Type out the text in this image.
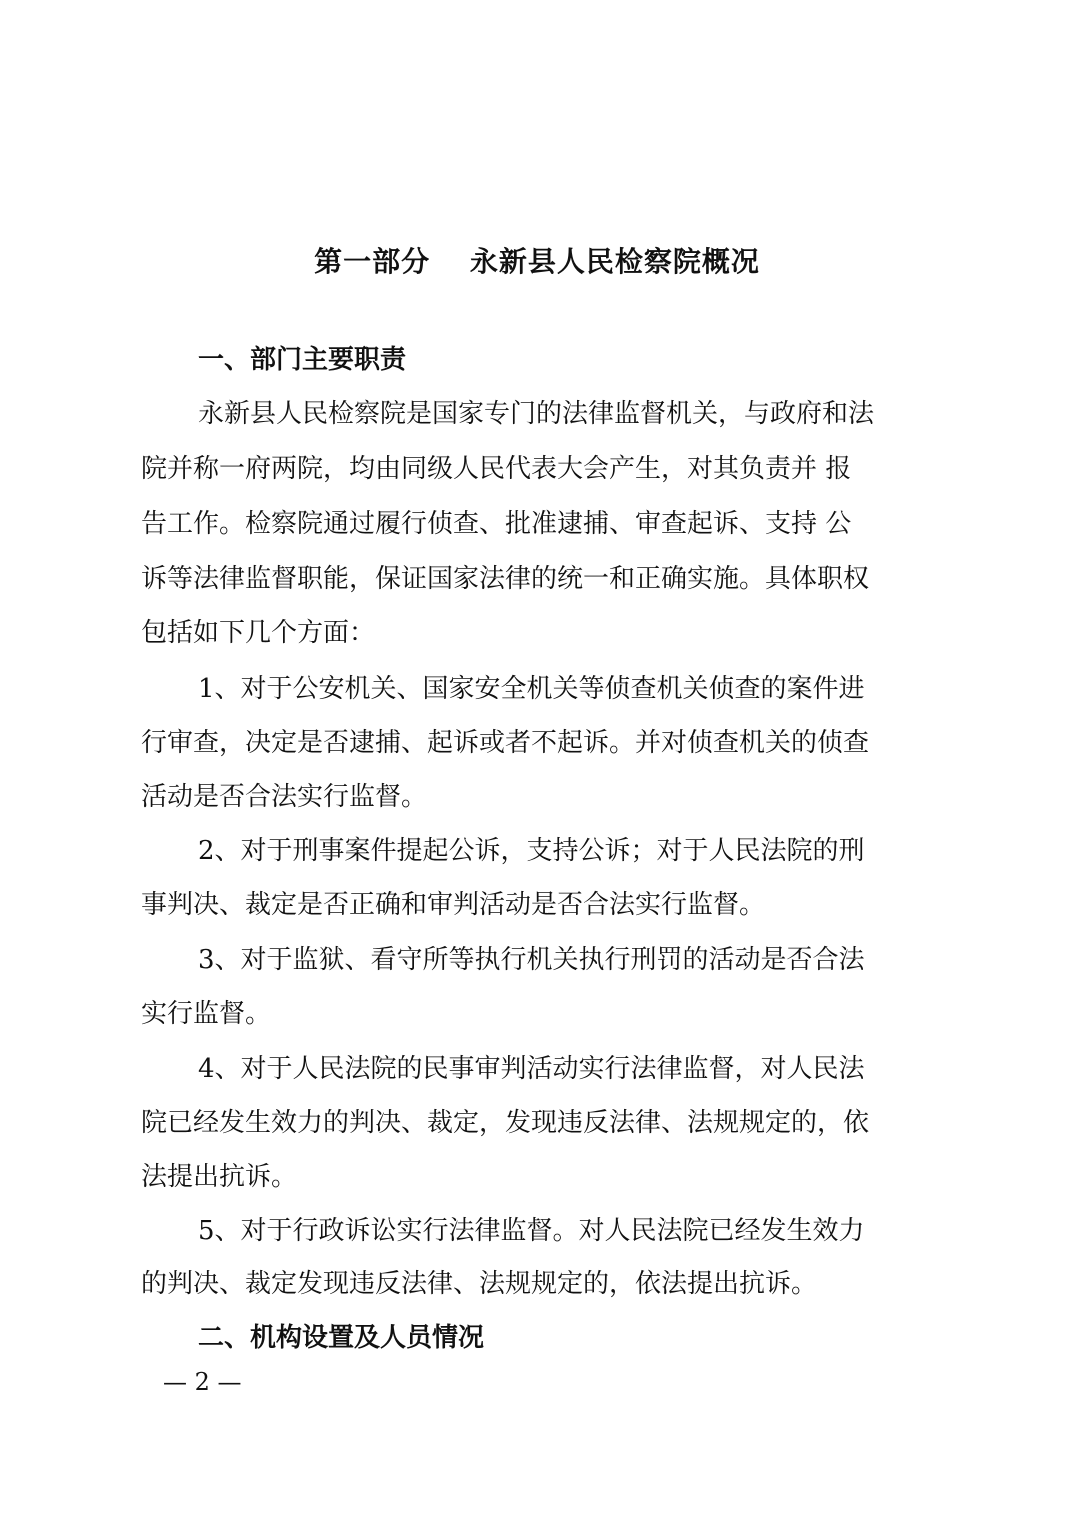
第一部分　 永新县人民检察院概况
一、部门主要职责
永新县人民检察院是国家专门的法律监督机关，与政府和法
院并称一府两院，均由同级人民代表大会产生，对其负责并 报
告工作。检察院通过履行侦查、批准逮捕、审查起诉、支持 公
诉等法律监督职能，保证国家法律的统一和正确实施。具体职权
包括如下几个方面：
1、对于公安机关、国家安全机关等侦查机关侦查的案件进
行审查，决定是否逮捕、起诉或者不起诉。并对侦查机关的侦查
活动是否合法实行监督。
2、对于刑事案件提起公诉，支持公诉；对于人民法院的刑
事判决、裁定是否正确和审判活动是否合法实行监督。
3、对于监狱、看守所等执行机关执行刑罚的活动是否合法
实行监督。
4、对于人民法院的民事审判活动实行法律监督，对人民法
院已经发生效力的判决、裁定，发现违反法律、法规规定的，依
法提出抗诉。
5、对于行政诉讼实行法律监督。对人民法院已经发生效力
的判决、裁定发现违反法律、法规规定的，依法提出抗诉。
二、机构设置及人员情况
— 2 —
